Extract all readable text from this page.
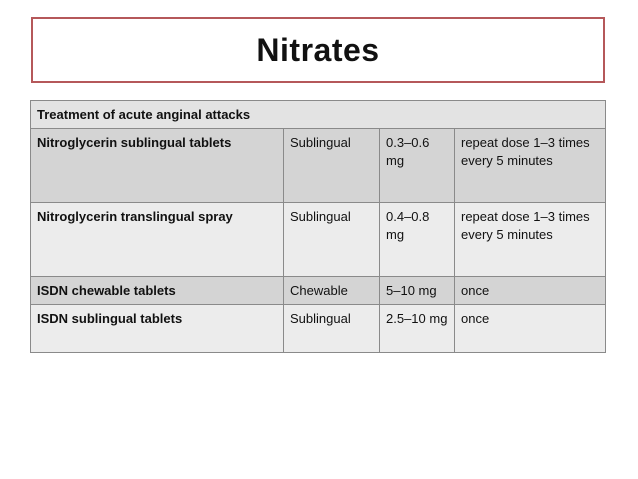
Nitrates
Treatment of acute anginal attacks			
Nitroglycerin sublingual tablets	Sublingual	0.3–0.6 mg	repeat dose 1–3 times every 5 minutes
Nitroglycerin translingual spray	Sublingual	0.4–0.8 mg	repeat dose 1–3 times every 5 minutes
ISDN chewable tablets	Chewable	5–10 mg	once
ISDN sublingual tablets	Sublingual	2.5–10 mg	once
